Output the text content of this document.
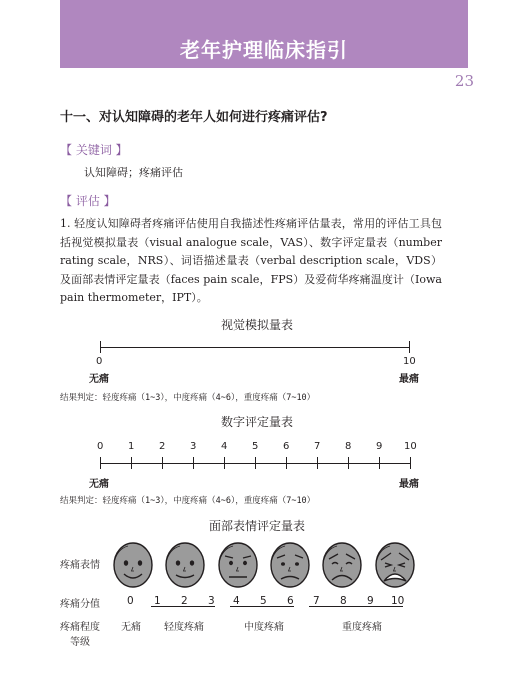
老年护理临床指引
23
十一、对认知障碍的老年人如何进行疼痛评估?
【 关键词 】
认知障碍；疼痛评估
【 评估 】
1. 轻度认知障碍者疼痛评估使用自我描述性疼痛评估量表，常用的评估工具包括视觉模拟量表（visual analogue scale，VAS）、数字评定量表（number rating scale，NRS）、词语描述量表（verbal description scale，VDS）及面部表情评定量表（faces pain scale，FPS）及爱荷华疼痛温度计（Iowa pain thermometer，IPT）。
视觉模拟量表
0	10
无痛	最痛
结果判定：轻度疼痛（1~3），中度疼痛（4~6），重度疼痛（7~10）
数字评定量表
0 1 2 3 4 5 6 7 8 9 10
无痛	最痛
结果判定：轻度疼痛（1~3），中度疼痛（4~6），重度疼痛（7~10）
面部表情评定量表
疼痛表情
疼痛分值	0 1 2 3 4 5 6 7 8 9 10
疼痛程度
等级
无痛 轻度疼痛	中度疼痛	重度疼痛
